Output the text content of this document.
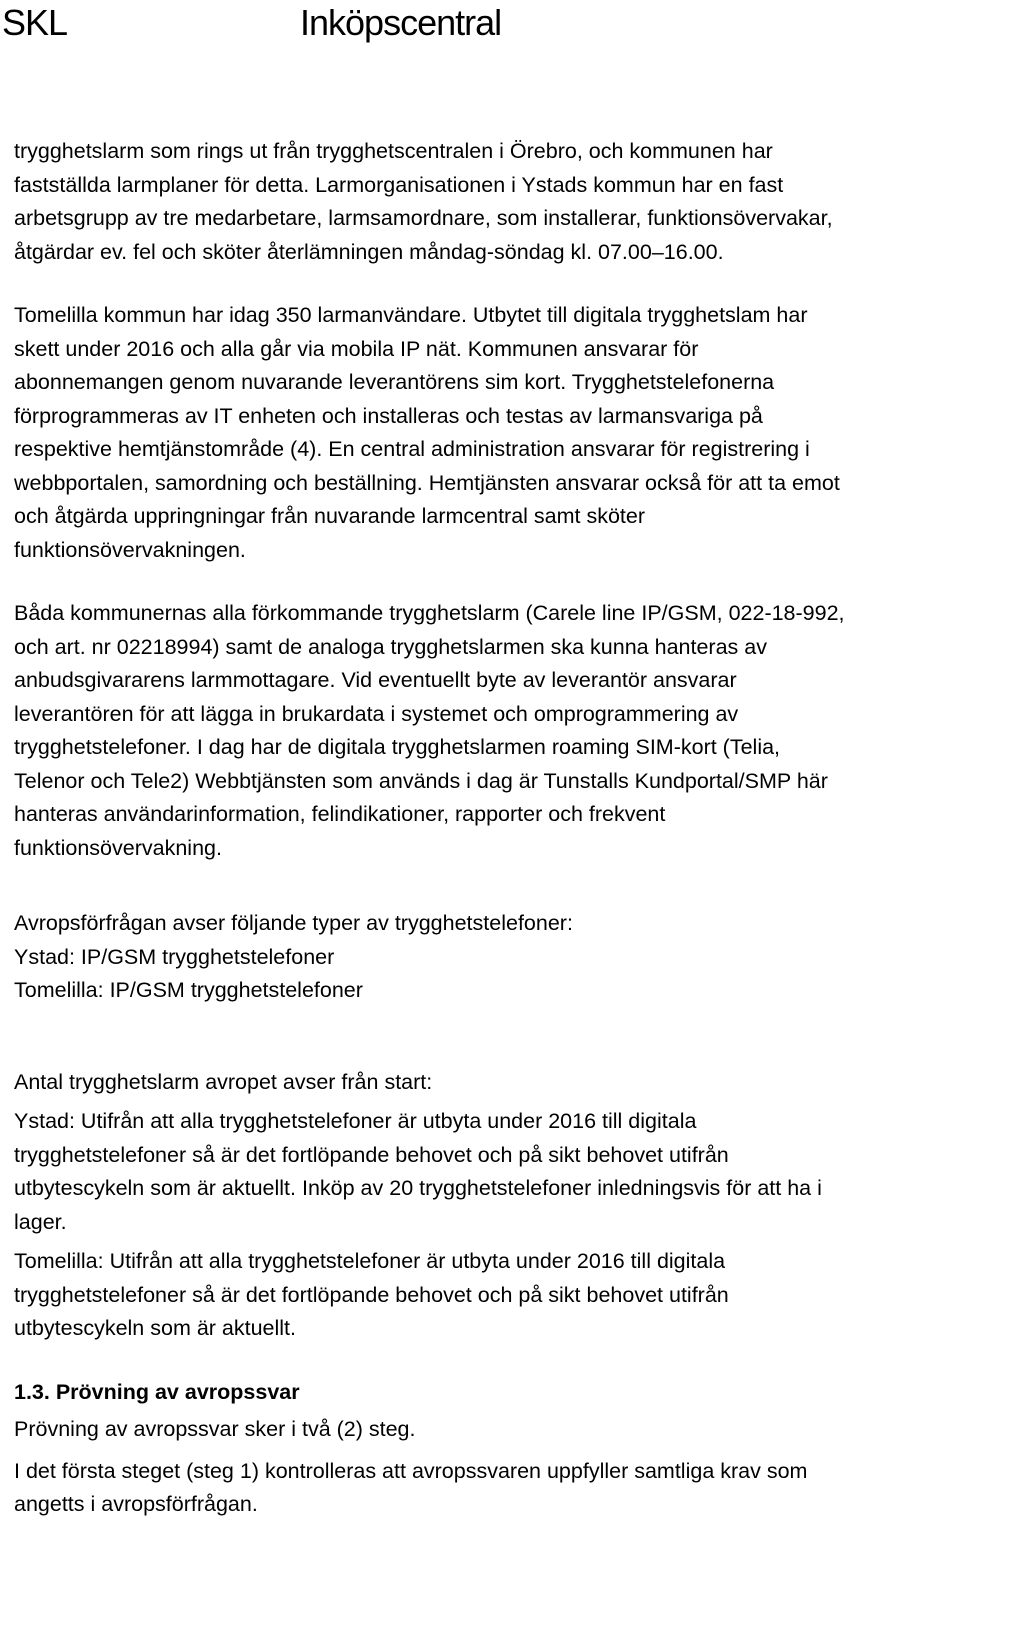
SKL	Inköpscentral

trygghetslarm som rings ut från trygghetscentralen i Örebro, och kommunen har
fastställda larmplaner för detta. Larmorganisationen i Ystads kommun har en fast
arbetsgrupp av tre medarbetare, larmsamordnare, som installerar, funktionsövervakar,
åtgärdar ev. fel och sköter återlämningen måndag-söndag kl. 07.00–16.00.

Tomelilla kommun har idag 350 larmanvändare. Utbytet till digitala trygghetslam har
skett under 2016 och alla går via mobila IP nät. Kommunen ansvarar för
abonnemangen genom nuvarande leverantörens sim kort. Trygghetstelefonerna
förprogrammeras av IT enheten och installeras och testas av larmansvariga på
respektive hemtjänstområde (4). En central administration ansvarar för registrering i
webbportalen, samordning och beställning. Hemtjänsten ansvarar också för att ta emot
och åtgärda uppringningar från nuvarande larmcentral samt sköter
funktionsövervakningen.

Båda kommunernas alla förkommande trygghetslarm (Carele line IP/GSM, 022-18-992,
och art. nr 02218994) samt de analoga trygghetslarmen ska kunna hanteras av
anbudsgivararens larmmottagare. Vid eventuellt byte av leverantör ansvarar
leverantören för att lägga in brukardata i systemet och omprogrammering av
trygghetstelefoner. I dag har de digitala trygghetslarmen roaming SIM-kort (Telia,
Telenor och Tele2) Webbtjänsten som används i dag är Tunstalls Kundportal/SMP här
hanteras användarinformation, felindikationer, rapporter och frekvent
funktionsövervakning.

Avropsförfrågan avser följande typer av trygghetstelefoner:

Ystad: IP/GSM trygghetstelefoner

Tomelilla: IP/GSM trygghetstelefoner

Antal trygghetslarm avropet avser från start:

Ystad: Utifrån att alla trygghetstelefoner är utbyta under 2016 till digitala
trygghetstelefoner så är det fortlöpande behovet och på sikt behovet utifrån
utbytescykeln som är aktuellt. Inköp av 20 trygghetstelefoner inledningsvis för att ha i
lager.

Tomelilla: Utifrån att alla trygghetstelefoner är utbyta under 2016 till digitala
trygghetstelefoner så är det fortlöpande behovet och på sikt behovet utifrån
utbytescykeln som är aktuellt.

1.3. Prövning av avropssvar

Prövning av avropssvar sker i två (2) steg.

I det första steget (steg 1) kontrolleras att avropssvaren uppfyller samtliga krav som
angetts i avropsförfrågan.
